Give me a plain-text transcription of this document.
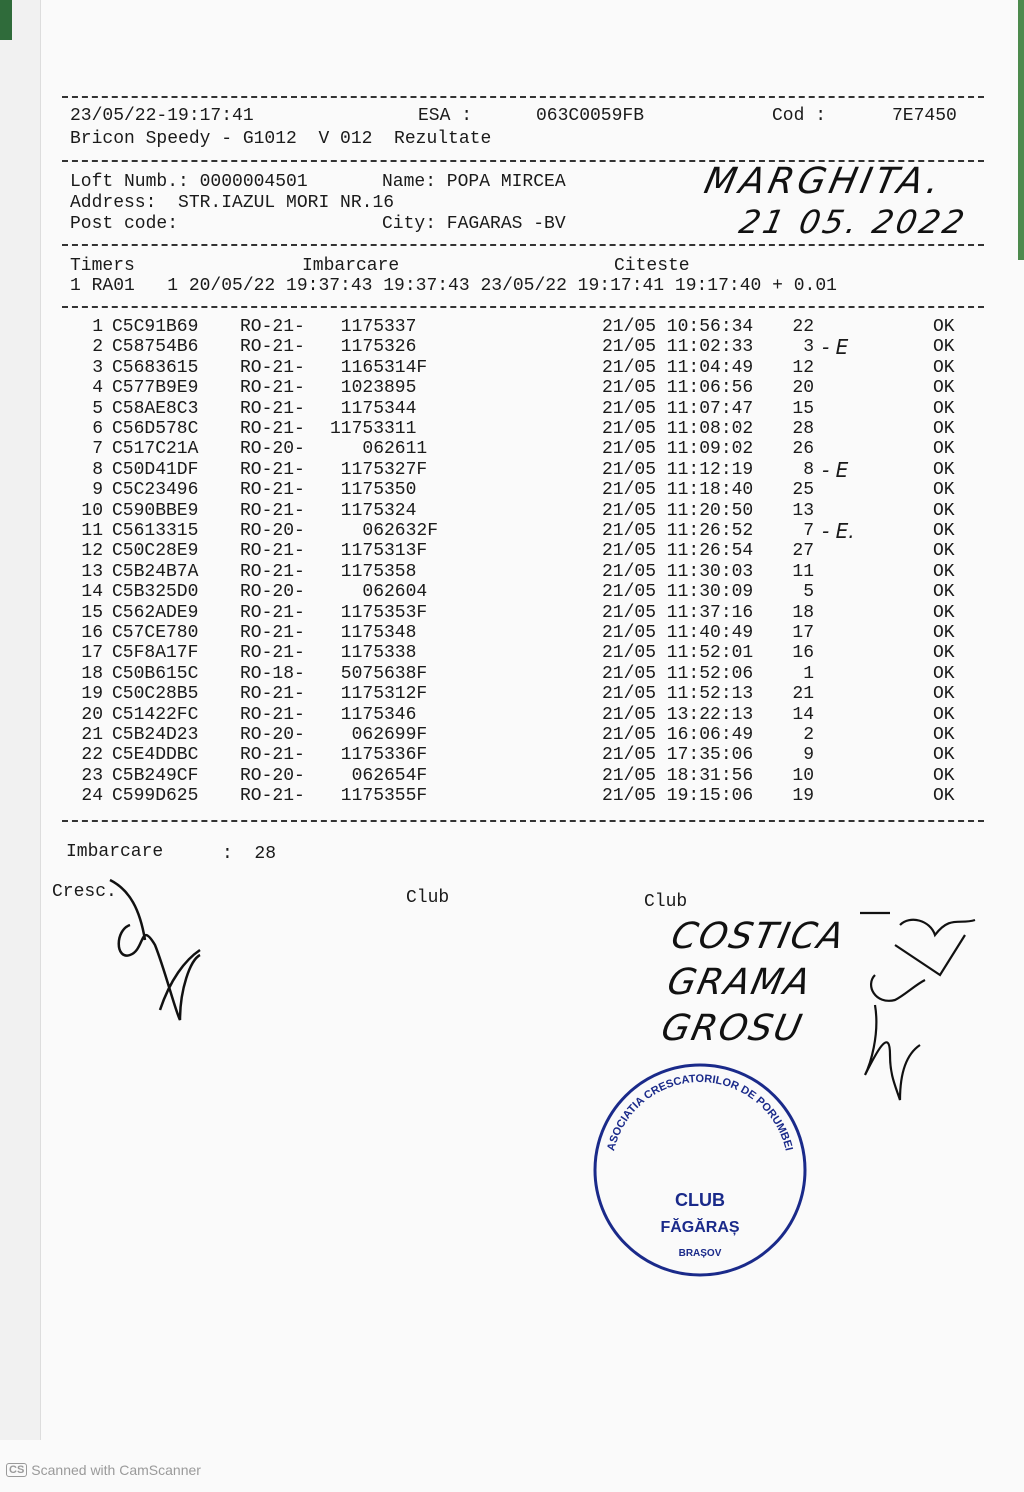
23/05/22-19:17:41	ESA :	063C0059FB	Cod :	7E7450
Bricon Speedy - G1012  V 012  Rezultate
Loft Numb.: 0000004501	Name: POPA MIRCEA
Address:  STR.IAZUL MORI NR.16
Post code:	City: FAGARAS -BV
MARGHITA.
21 05. 2022
Timers	Imbarcare	Citeste
1 RA01   1 20/05/22 19:37:43 19:37:43 23/05/22 19:17:41 19:17:40 + 0.01
1 C5C91B69 RO-21- 1175337	21/05 10:56:34 22	OK
2 C58754B6 RO-21- 1175326	21/05 11:02:33	3 - E	OK
3 C5683615 RO-21- 1165314F	21/05 11:04:49 12	OK
4 C577B9E9 RO-21- 1023895	21/05 11:06:56 20	OK
5 C58AE8C3 RO-21- 1175344	21/05 11:07:47 15	OK
6 C56D578C RO-21- 11753311	21/05 11:08:02 28	OK
7 C517C21A RO-20- 062611	21/05 11:09:02 26	OK
8 C50D41DF RO-21- 1175327F	21/05 11:12:19	8 - E	OK
9 C5C23496 RO-21- 1175350	21/05 11:18:40 25	OK
10 C590BBE9 RO-21- 1175324	21/05 11:20:50 13	OK
11 C5613315 RO-20- 062632F	21/05 11:26:52	7 - E.	OK
12 C50C28E9 RO-21- 1175313F	21/05 11:26:54 27	OK
13 C5B24B7A RO-21- 1175358	21/05 11:30:03 11	OK
14 C5B325D0 RO-20- 062604	21/05 11:30:09	5	OK
15 C562ADE9 RO-21- 1175353F	21/05 11:37:16 18	OK
16 C57CE780 RO-21- 1175348	21/05 11:40:49 17	OK
17 C5F8A17F RO-21- 1175338	21/05 11:52:01 16	OK
18 C50B615C RO-18- 5075638F	21/05 11:52:06	1	OK
19 C50C28B5 RO-21- 1175312F	21/05 11:52:13 21	OK
20 C51422FC RO-21- 1175346	21/05 13:22:13 14	OK
21 C5B24D23 RO-20- 062699F	21/05 16:06:49	2	OK
22 C5E4DDBC RO-21- 1175336F	21/05 17:35:06	9	OK
23 C5B249CF RO-20- 062654F	21/05 18:31:56 10	OK
24 C599D625 RO-21- 1175355F	21/05 19:15:06 19	OK
Imbarcare	:  28
Cresc.	Club	Club
COSTICA
GRAMA
GROSU
ASOCIATIA CRESCATORILOR DE PORUMBEI
CLUB
FĂGĂRAȘ
BRAȘOV
CS Scanned with CamScanner
